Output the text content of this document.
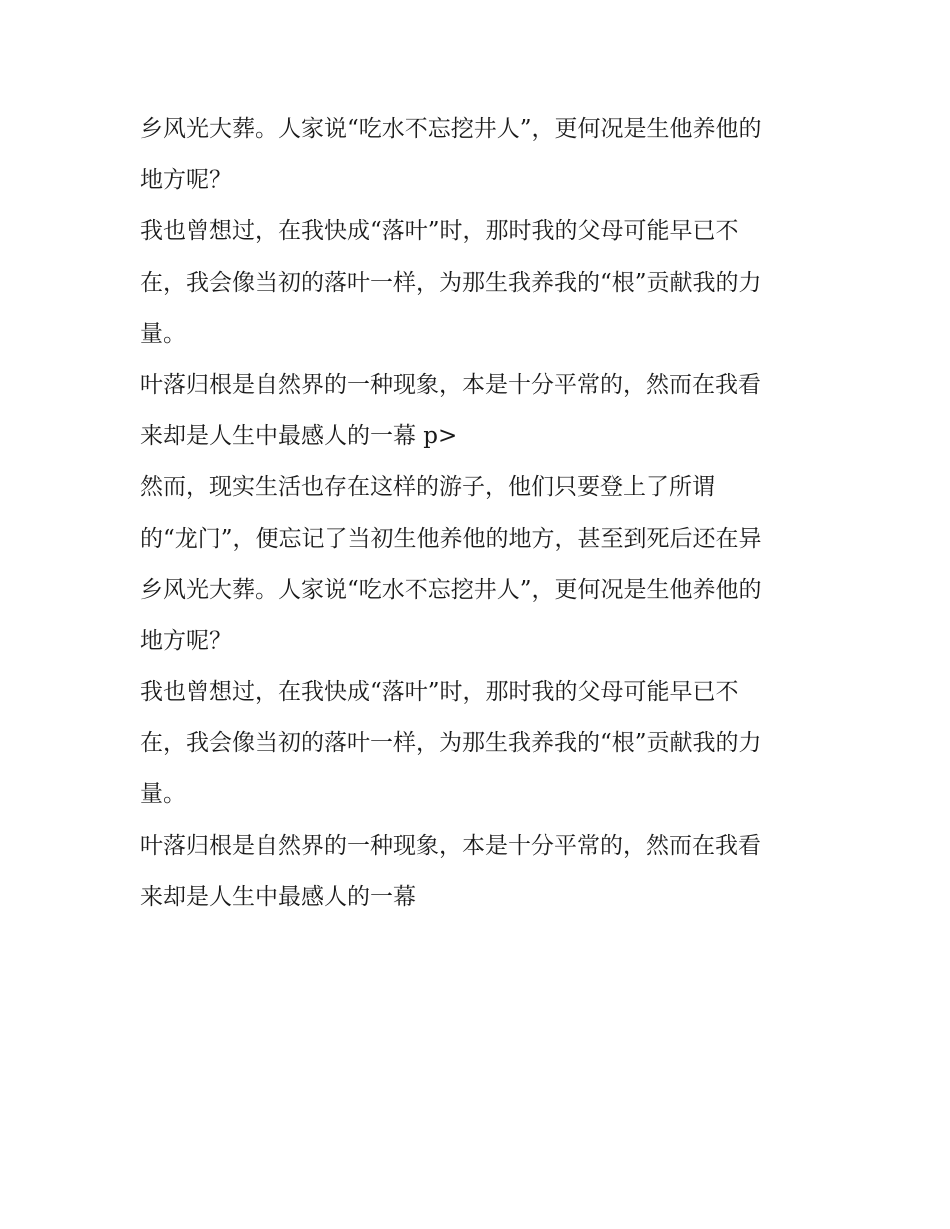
乡风光大葬。人家说“吃水不忘挖井人”，更何况是生他养他的
地方呢？
我也曾想过，在我快成“落叶”时，那时我的父母可能早已不
在，我会像当初的落叶一样，为那生我养我的“根”贡献我的力
量。
叶落归根是自然界的一种现象，本是十分平常的，然而在我看
来却是人生中最感人的一幕 p>
然而，现实生活也存在这样的游子，他们只要登上了所谓
的“龙门”，便忘记了当初生他养他的地方，甚至到死后还在异
乡风光大葬。人家说“吃水不忘挖井人”，更何况是生他养他的
地方呢？
我也曾想过，在我快成“落叶”时，那时我的父母可能早已不
在，我会像当初的落叶一样，为那生我养我的“根”贡献我的力
量。
叶落归根是自然界的一种现象，本是十分平常的，然而在我看
来却是人生中最感人的一幕
